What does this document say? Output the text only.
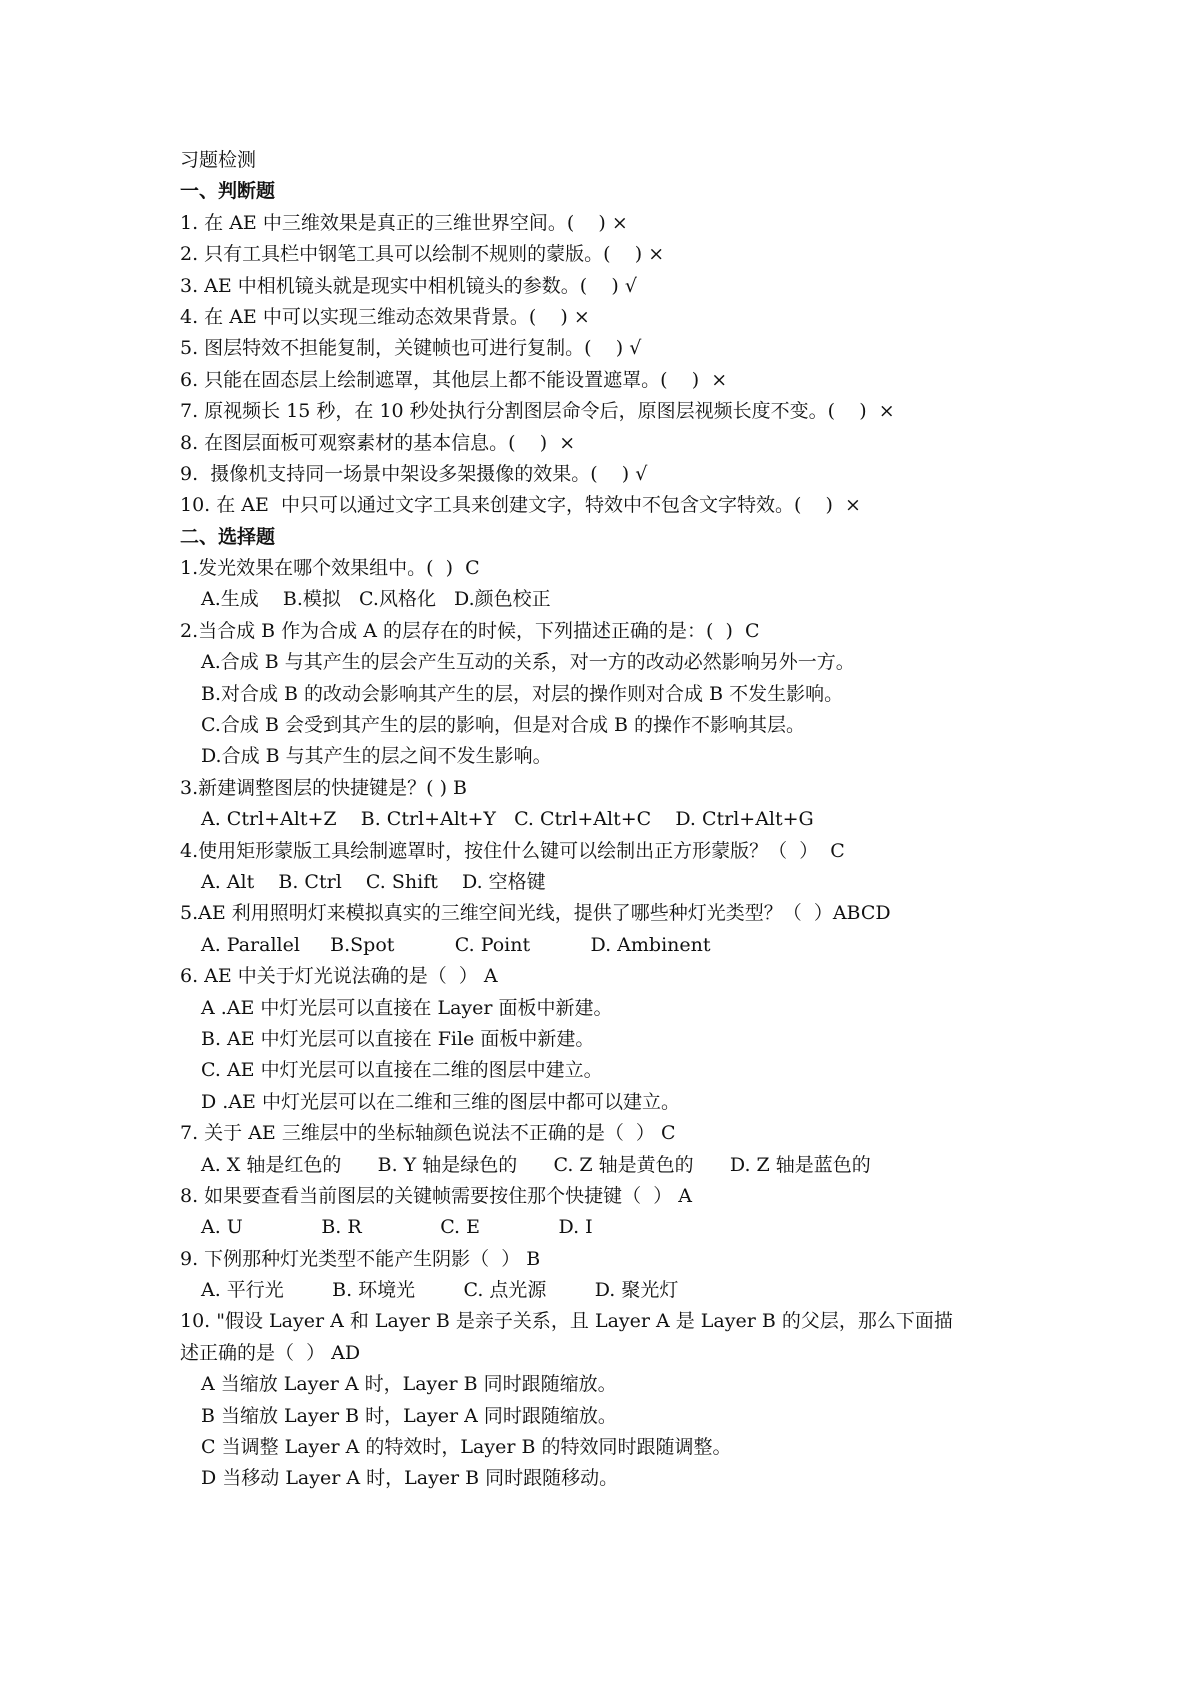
习题检测
一、判断题
1. 在 AE 中三维效果是真正的三维世界空间。(    ) ×
2. 只有工具栏中钢笔工具可以绘制不规则的蒙版。(    ) ×
3. AE 中相机镜头就是现实中相机镜头的参数。(    ) √
4. 在 AE 中可以实现三维动态效果背景。(    ) ×
5. 图层特效不担能复制，关键帧也可进行复制。(    ) √
6. 只能在固态层上绘制遮罩，其他层上都不能设置遮罩。(    )  ×
7. 原视频长 15 秒，在 10 秒处执行分割图层命令后，原图层视频长度不变。(    )  ×
8. 在图层面板可观察素材的基本信息。(    )  ×
9.  摄像机支持同一场景中架设多架摄像的效果。(    ) √
10. 在 AE  中只可以通过文字工具来创建文字，特效中不包含文字特效。(    )  ×
二、选择题
1.发光效果在哪个效果组中。(  )  C
A.生成    B.模拟   C.风格化   D.颜色校正
2.当合成 B 作为合成 A 的层存在的时候，下列描述正确的是：(  )  C
A.合成 B 与其产生的层会产生互动的关系，对一方的改动必然影响另外一方。
B.对合成 B 的改动会影响其产生的层，对层的操作则对合成 B 不发生影响。
C.合成 B 会受到其产生的层的影响，但是对合成 B 的操作不影响其层。
D.合成 B 与其产生的层之间不发生影响。
3.新建调整图层的快捷键是？( ) B
A. Ctrl+Alt+Z    B. Ctrl+Alt+Y   C. Ctrl+Alt+C    D. Ctrl+Alt+G
4.使用矩形蒙版工具绘制遮罩时，按住什么键可以绘制出正方形蒙版？（  ）  C
A. Alt    B. Ctrl    C. Shift    D. 空格键
5.AE 利用照明灯来模拟真实的三维空间光线，提供了哪些种灯光类型？（  ）ABCD
A. Parallel     B.Spot          C. Point          D. Ambinent
6. AE 中关于灯光说法确的是（  ） A
A .AE 中灯光层可以直接在 Layer 面板中新建。
B. AE 中灯光层可以直接在 File 面板中新建。
C. AE 中灯光层可以直接在二维的图层中建立。
D .AE 中灯光层可以在二维和三维的图层中都可以建立。
7. 关于 AE 三维层中的坐标轴颜色说法不正确的是（  ） C
A. X 轴是红色的      B. Y 轴是绿色的      C. Z 轴是黄色的      D. Z 轴是蓝色的
8. 如果要查看当前图层的关键帧需要按住那个快捷键（  ） A
A. U             B. R             C. E             D. I
9. 下例那种灯光类型不能产生阴影（  ） B
A. 平行光        B. 环境光        C. 点光源        D. 聚光灯
10. "假设 Layer A 和 Layer B 是亲子关系，且 Layer A 是 Layer B 的父层，那么下面描
述正确的是（  ） AD
A 当缩放 Layer A 时，Layer B 同时跟随缩放。
B 当缩放 Layer B 时，Layer A 同时跟随缩放。
C 当调整 Layer A 的特效时，Layer B 的特效同时跟随调整。
D 当移动 Layer A 时，Layer B 同时跟随移动。
